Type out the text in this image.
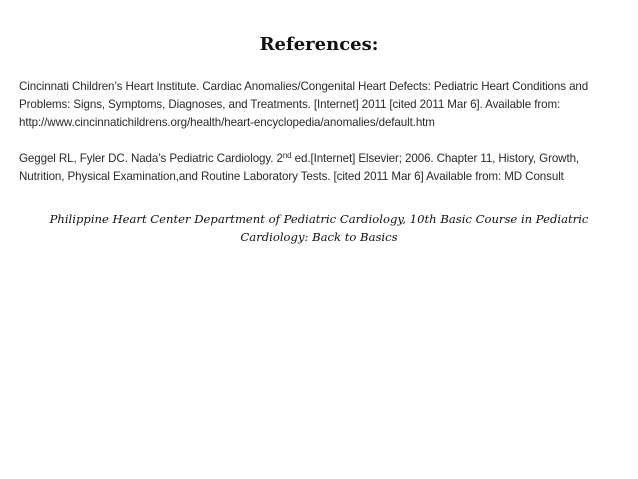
References:
Cincinnati Children’s Heart Institute. Cardiac Anomalies/Congenital Heart Defects: Pediatric Heart Conditions and
Problems: Signs, Symptoms, Diagnoses, and Treatments. [Internet] 2011 [cited 2011 Mar 6]. Available from:
http://www.cincinnatichildrens.org/health/heart-encyclopedia/anomalies/default.htm
Geggel RL, Fyler DC. Nada’s Pediatric Cardiology. 2nd ed.[Internet] Elsevier; 2006. Chapter 11, History, Growth,
Nutrition, Physical Examination,and Routine Laboratory Tests. [cited 2011 Mar 6] Available from: MD Consult
Philippine Heart Center Department of Pediatric Cardiology, 10th Basic Course in Pediatric Cardiology: Back to Basics
